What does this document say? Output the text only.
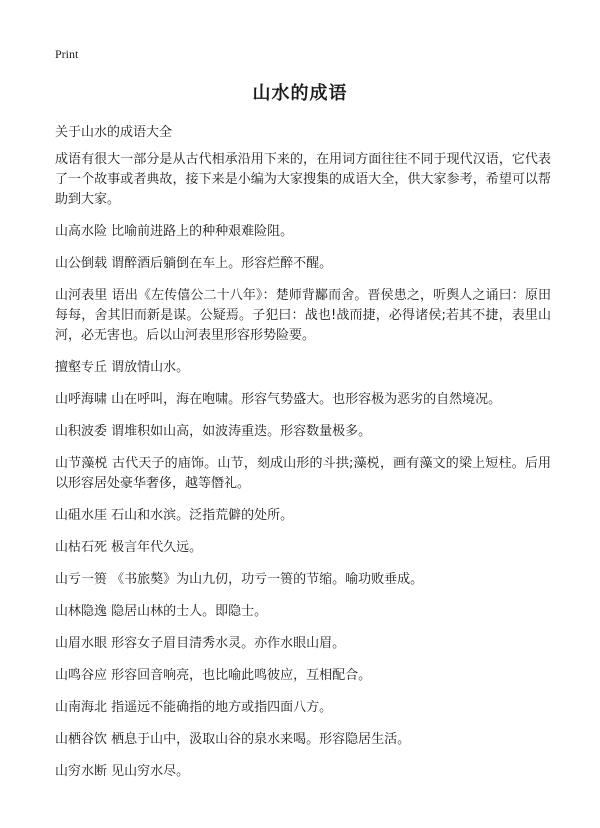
Print
山水的成语
关于山水的成语大全

成语有很大一部分是从古代相承沿用下来的，在用词方面往往不同于现代汉语，它代表了一个故事或者典故，接下来是小编为大家搜集的成语大全，供大家参考，希望可以帮助到大家。

山高水险 比喻前进路上的种种艰难险阻。

山公倒载 谓醉酒后躺倒在车上。形容烂醉不醒。

山河表里 语出《左传僖公二十八年》：楚师背酅而舍。晋侯患之，听舆人之诵曰：原田每每，舍其旧而新是谋。公疑焉。子犯曰：战也!战而捷，必得诸侯;若其不捷，表里山河，必无害也。后以山河表里形容形势险要。

擅壑专丘 谓放情山水。

山呼海啸 山在呼叫，海在咆啸。形容气势盛大。也形容极为恶劣的自然境况。

山积波委 谓堆积如山高，如波涛重迭。形容数量极多。

山节藻棁 古代天子的庙饰。山节，刻成山形的斗拱;藻棁，画有藻文的梁上短柱。后用以形容居处豪华奢侈，越等僭礼。

山砠水厓 石山和水滨。泛指荒僻的处所。

山枯石死 极言年代久远。

山亏一篑 《书旅獒》为山九仞，功亏一篑的节缩。喻功败垂成。

山林隐逸 隐居山林的士人。即隐士。

山眉水眼 形容女子眉目清秀水灵。亦作水眼山眉。

山鸣谷应 形容回音响亮，也比喻此鸣彼应，互相配合。

山南海北 指遥远不能确指的地方或指四面八方。

山栖谷饮 栖息于山中，汲取山谷的泉水来喝。形容隐居生活。

山穷水断 见山穷水尽。
